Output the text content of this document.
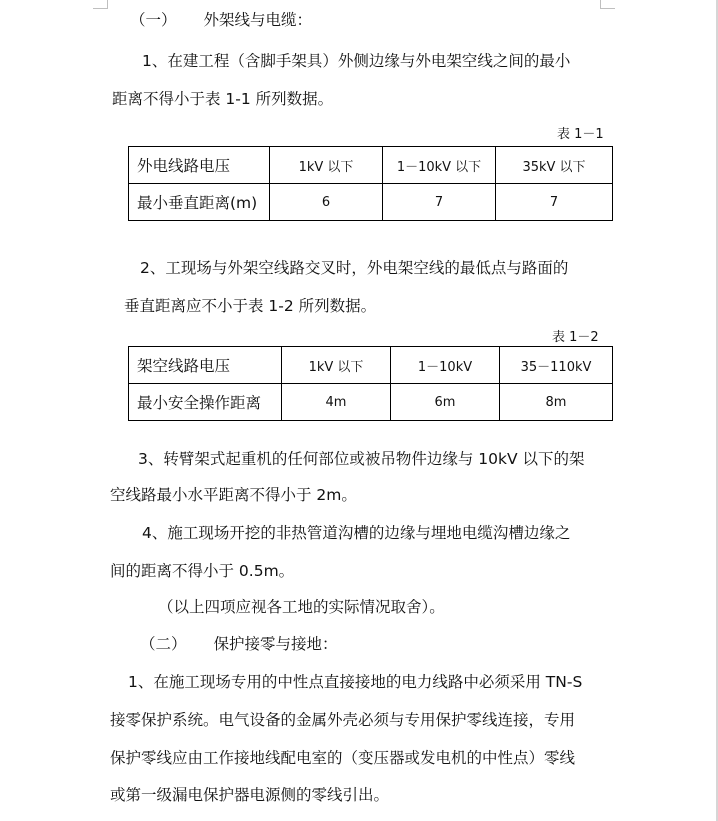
（一） 外架线与电缆：
1、在建工程（含脚手架具）外侧边缘与外电架空线之间的最小
距离不得小于表 1-1 所列数据。
表 1－1
外电线路电压	1kV 以下	1－10kV 以下	35kV 以下
最小垂直距离(m)	6	7	7
2、工现场与外架空线路交叉时，外电架空线的最低点与路面的
垂直距离应不小于表 1-2 所列数据。
表 1－2
架空线路电压	1kV 以下	1－10kV	35－110kV
最小安全操作距离	4m	6m	8m
3、转臂架式起重机的任何部位或被吊物件边缘与 10kV 以下的架
空线路最小水平距离不得小于 2m。
4、施工现场开挖的非热管道沟槽的边缘与埋地电缆沟槽边缘之
间的距离不得小于 0.5m。
（以上四项应视各工地的实际情况取舍）。
（二） 保护接零与接地：
1、在施工现场专用的中性点直接接地的电力线路中必须采用 TN-S
接零保护系统。电气设备的金属外壳必须与专用保护零线连接，专用
保护零线应由工作接地线配电室的（变压器或发电机的中性点）零线
或第一级漏电保护器电源侧的零线引出。
